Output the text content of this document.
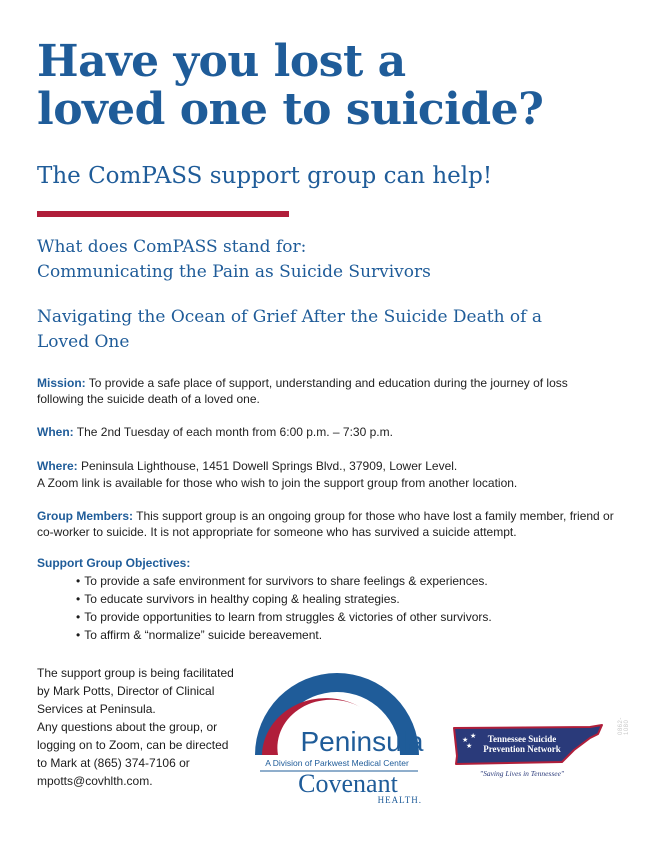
Have you lost a
loved one to suicide?

The ComPASS support group can help!

What does ComPASS stand for:
Communicating the Pain as Suicide Survivors

Navigating the Ocean of Grief After the Suicide Death of a
Loved One

Mission: To provide a safe place of support, understanding and education during the journey of loss following the suicide death of a loved one.

When: The 2nd Tuesday of each month from 6:00 p.m. – 7:30 p.m.

Where: Peninsula Lighthouse, 1451 Dowell Springs Blvd., 37909, Lower Level.
A Zoom link is available for those who wish to join the support group from another location.

Group Members: This support group is an ongoing group for those who have lost a family member, friend or co-worker to suicide. It is not appropriate for someone who has survived a suicide attempt.

Support Group Objectives:

• To provide a safe environment for survivors to share feelings & experiences.
• To educate survivors in healthy coping & healing strategies.
• To provide opportunities to learn from struggles & victories of other survivors.
• To affirm & “normalize” suicide bereavement.

The support group is being facilitated

by Mark Potts, Director of Clinical

Services at Peninsula.

Any questions about the group, or

logging on to Zoom, can be directed

to Mark at (865) 374-7106 or

mpotts@covhlth.com.

Peninsula
A Division of Parkwest Medical Center
Covenant
HEALTH.
★ ★
★
Tennessee Suicide
Prevention Network
"Saving Lives in Tennessee"
0862-1080
